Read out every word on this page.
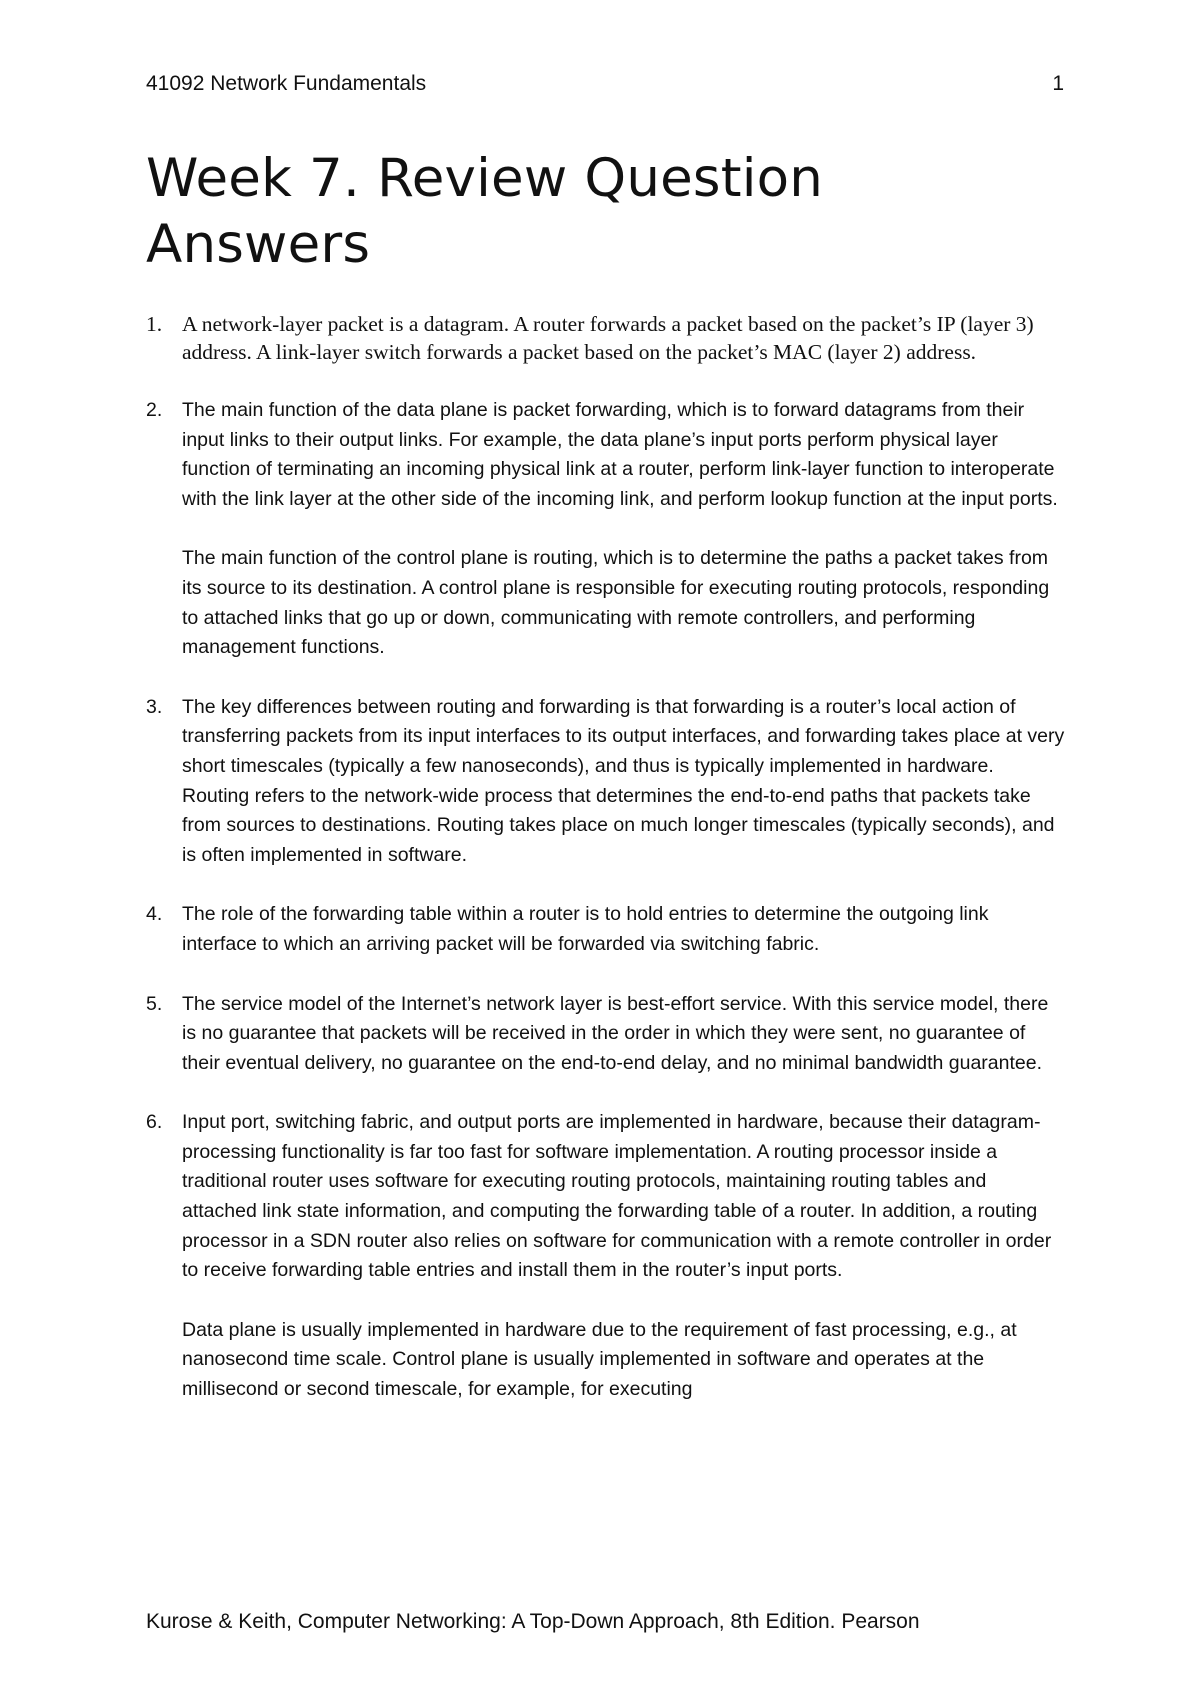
41092 Network Fundamentals	1
Week 7. Review Question
Answers
1. A network-layer packet is a datagram. A router forwards a packet based on the packet’s IP (layer 3) address. A link-layer switch forwards a packet based on the packet’s MAC (layer 2) address.

2. The main function of the data plane is packet forwarding, which is to forward datagrams from their input links to their output links. For example, the data plane’s input ports perform physical layer function of terminating an incoming physical link at a router, perform link-layer function to interoperate with the link layer at the other side of the incoming link, and perform lookup function at the input ports.

The main function of the control plane is routing, which is to determine the paths a packet takes from its source to its destination. A control plane is responsible for executing routing protocols, responding to attached links that go up or down, communicating with remote controllers, and performing management functions.

3. The key differences between routing and forwarding is that forwarding is a router’s local action of transferring packets from its input interfaces to its output interfaces, and forwarding takes place at very short timescales (typically a few nanoseconds), and thus is typically implemented in hardware. Routing refers to the network-wide process that determines the end-to-end paths that packets take from sources to destinations. Routing takes place on much longer timescales (typically seconds), and is often implemented in software.

4. The role of the forwarding table within a router is to hold entries to determine the outgoing link interface to which an arriving packet will be forwarded via switching fabric.

5. The service model of the Internet’s network layer is best-effort service. With this service model, there is no guarantee that packets will be received in the order in which they were sent, no guarantee of their eventual delivery, no guarantee on the end-to-end delay, and no minimal bandwidth guarantee.

6. Input port, switching fabric, and output ports are implemented in hardware, because their datagram-processing functionality is far too fast for software implementation. A routing processor inside a traditional router uses software for executing routing protocols, maintaining routing tables and attached link state information, and computing the forwarding table of a router. In addition, a routing processor in a SDN router also relies on software for communication with a remote controller in order to receive forwarding table entries and install them in the router’s input ports.

Data plane is usually implemented in hardware due to the requirement of fast processing, e.g., at nanosecond time scale. Control plane is usually implemented in software and operates at the millisecond or second timescale, for example, for executing

Kurose & Keith, Computer Networking: A Top-Down Approach, 8th Edition. Pearson
